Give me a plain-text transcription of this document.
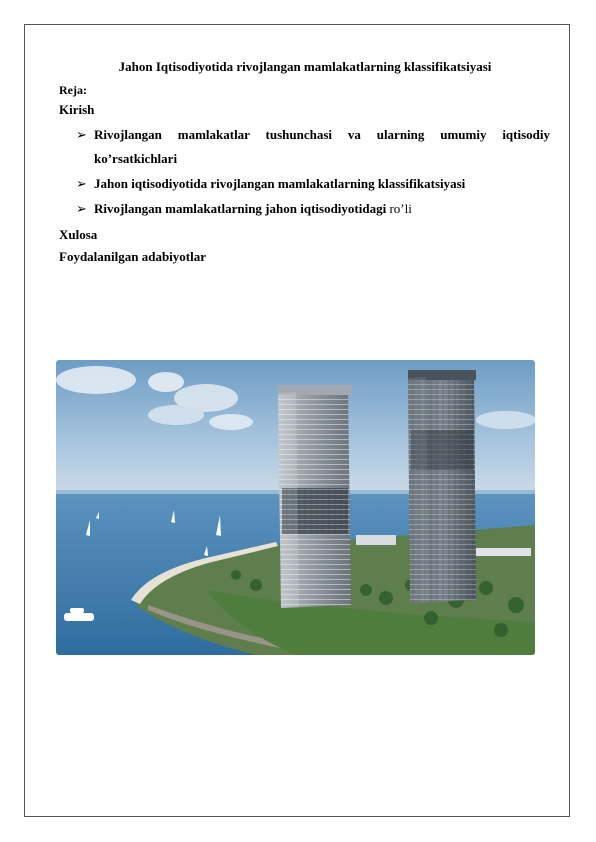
Jahon Iqtisodiyotida rivojlangan mamlakatlarning klassifikatsiyasi
Reja:
Kirish
➢ Rivojlangan mamlakatlar tushunchasi va ularning umumiy iqtisodiy
ko’rsatkichlari
➢ Jahon iqtisodiyotida rivojlangan mamlakatlarning klassifikatsiyasi
➢ Rivojlangan mamlakatlarning jahon iqtisodiyotidagi ro’li
Xulosa
Foydalanilgan adabiyotlar
